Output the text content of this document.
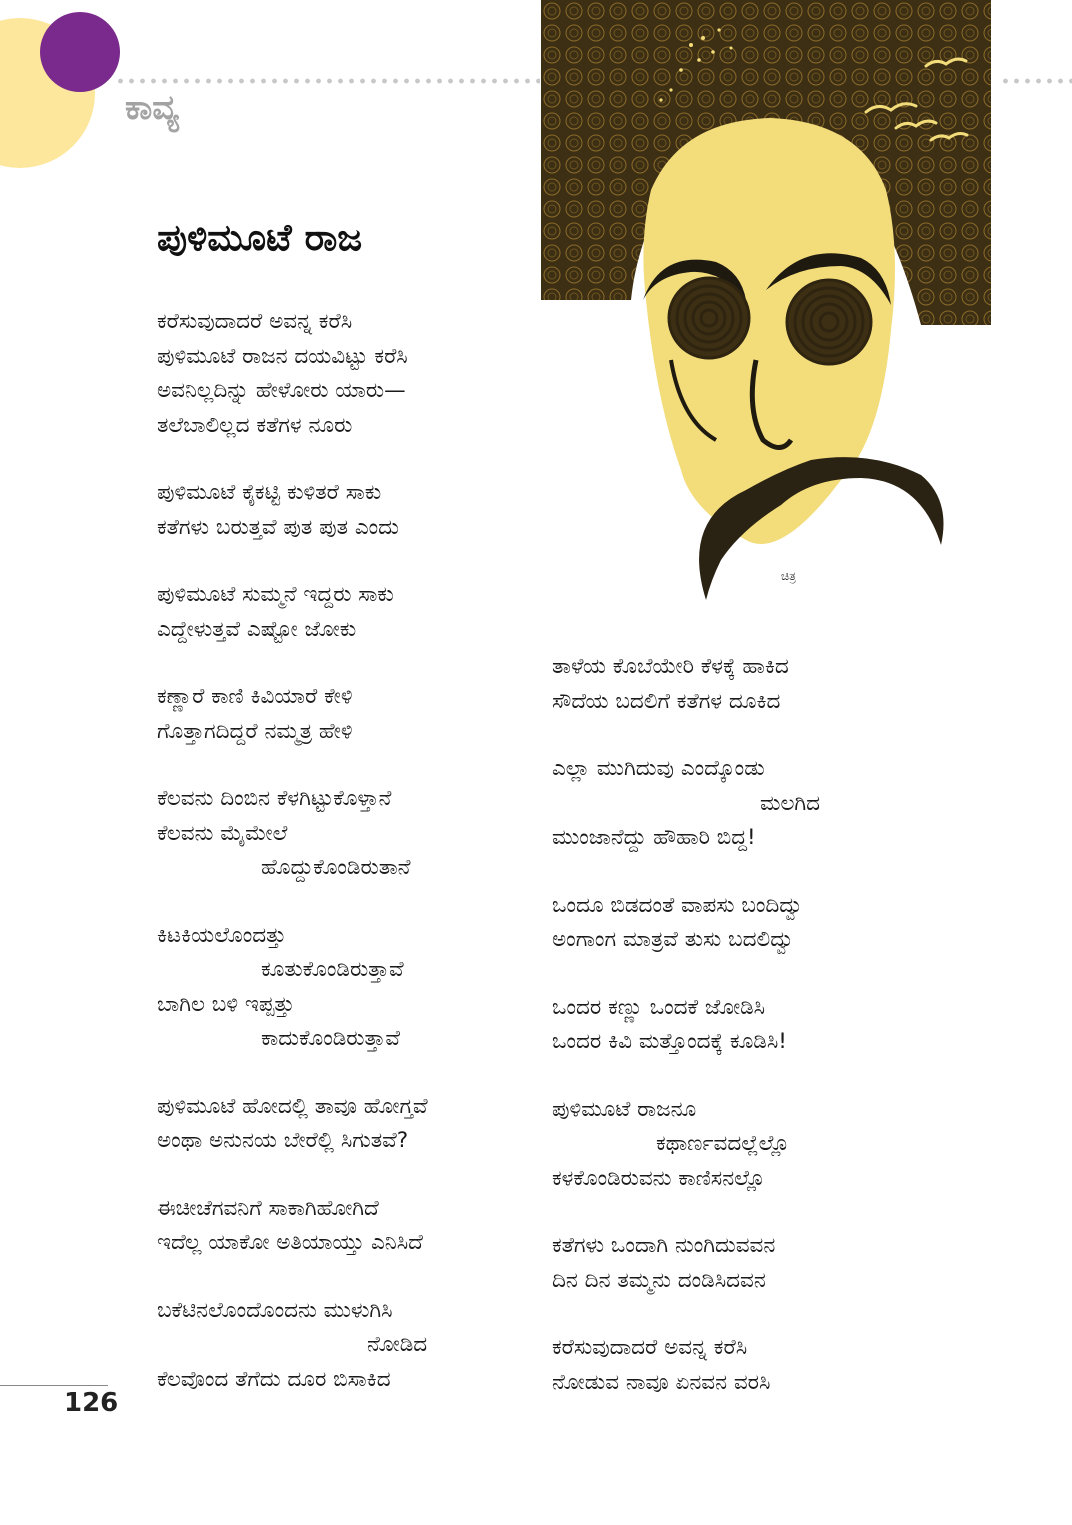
ಕಾವ್ಯ
ಪುಳಿಮೂಟೆ ರಾಜ
ಚಿತ್ರ
ಕರೆಸುವುದಾದರೆ ಅವನ್ನ ಕರೆಸಿ
ಪುಳಿಮೂಟೆ ರಾಜನ ದಯವಿಟ್ಟು ಕರೆಸಿ
ಅವನಿಲ್ಲದಿನ್ನು ಹೇಳೋರು ಯಾರು—
ತಲೆಬಾಲಿಲ್ಲದ ಕತೆಗಳ ನೂರು
ಪುಳಿಮೂಟೆ ಕೈಕಟ್ಟಿ ಕುಳಿತರೆ ಸಾಕು
ಕತೆಗಳು ಬರುತ್ತವೆ ಪುತ ಪುತ ಎಂದು
ಪುಳಿಮೂಟೆ ಸುಮ್ಮನೆ ಇದ್ದರು ಸಾಕು
ಎದ್ದೇಳುತ್ತವೆ ಎಷ್ಟೋ ಜೋಕು
ಕಣ್ಣಾರೆ ಕಾಣಿ ಕಿವಿಯಾರೆ ಕೇಳಿ
ಗೊತ್ತಾಗದಿದ್ದರೆ ನಮ್ಮತ್ರ ಹೇಳಿ
ಕೆಲವನು ದಿಂಬಿನ ಕೆಳಗಿಟ್ಟುಕೊಳ್ತಾನೆ
ಕೆಲವನು ಮೈಮೇಲೆ
ಹೊದ್ದುಕೊಂಡಿರುತಾನೆ
ಕಿಟಕಿಯಲೊಂದತ್ತು
ಕೂತುಕೊಂಡಿರುತ್ತಾವೆ
ಬಾಗಿಲ ಬಳಿ ಇಪ್ಪತ್ತು
ಕಾದುಕೊಂಡಿರುತ್ತಾವೆ
ಪುಳಿಮೂಟೆ ಹೋದಲ್ಲಿ ತಾವೂ ಹೋಗ್ತವೆ
ಅಂಥಾ ಅನುನಯ ಬೇರೆಲ್ಲಿ ಸಿಗುತವೆ?
ಈಚೀಚೆಗವನಿಗೆ ಸಾಕಾಗಿಹೋಗಿದೆ
ಇದೆಲ್ಲ ಯಾಕೋ ಅತಿಯಾಯ್ತು ಎನಿಸಿದೆ
ಬಕೆಟಿನಲೊಂದೊಂದನು ಮುಳುಗಿಸಿ
ನೋಡಿದ
ಕೆಲವೊಂದ ತೆಗೆದು ದೂರ ಬಿಸಾಕಿದ
ತಾಳೆಯ ಕೊಬೆಯೇರಿ ಕೆಳಕ್ಕೆ ಹಾಕಿದ
ಸೌದೆಯ ಬದಲಿಗೆ ಕತೆಗಳ ದೂಕಿದ
ಎಲ್ಲಾ ಮುಗಿದುವು ಎಂದ್ಕೊಂಡು
ಮಲಗಿದ
ಮುಂಜಾನೆದ್ದು ಹೌಹಾರಿ ಬಿದ್ದ!
ಒಂದೂ ಬಿಡದಂತೆ ವಾಪಸು ಬಂದಿದ್ವು
ಅಂಗಾಂಗ ಮಾತ್ರವೆ ತುಸು ಬದಲಿದ್ವು
ಒಂದರ ಕಣ್ಣು ಒಂದಕೆ ಜೋಡಿಸಿ
ಒಂದರ ಕಿವಿ ಮತ್ತೊಂದಕ್ಕೆ ಕೂಡಿಸಿ!
ಪುಳಿಮೂಟೆ ರಾಜನೂ
ಕಥಾರ್ಣವದಲ್ಲೆಲ್ಲೊ
ಕಳಕೊಂಡಿರುವನು ಕಾಣಿಸನಲ್ಲೊ
ಕತೆಗಳು ಒಂದಾಗಿ ನುಂಗಿದುವವನ
ದಿನ ದಿನ ತಮ್ಮನು ದಂಡಿಸಿದವನ
ಕರೆಸುವುದಾದರೆ ಅವನ್ನ ಕರೆಸಿ
ನೋಡುವ ನಾವೂ ಏನವನ ವರಸಿ
126
